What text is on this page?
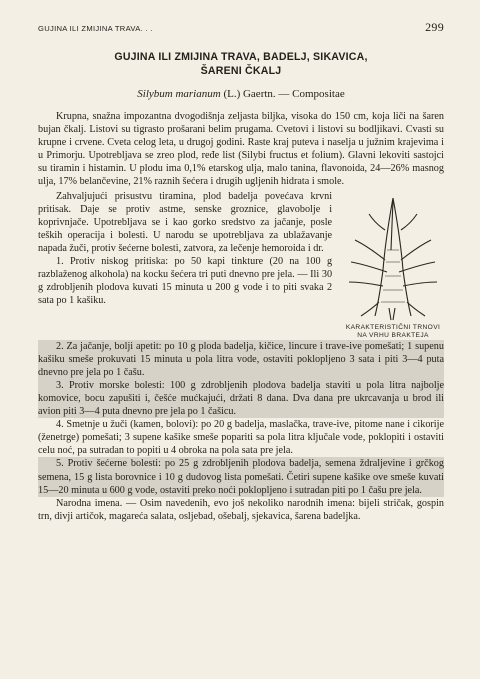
GUJINA ILI ZMIJINA TRAVA. . .	299
GUJINA ILI ZMIJINA TRAVA, BADELJ, SIKAVICA,
ŠARENI ČKALJ
Silybum marianum (L.) Gaertn. — Compositae

Krupna, snažna impozantna dvogodišnja zeljasta biljka, visoka do 150 cm, koja liči na šaren bujan čkalj. Listovi su tigrasto prošarani belim prugama. Cvetovi i listovi su bodljikavi. Cvasti su krupne i crvene. Cveta celog leta, u drugoj godini. Raste kraj puteva i naselja u južnim krajevima i u Primorju. Upotrebljava se zreo plod, ređe list (Silybi fructus et folium). Glavni lekoviti sastojci su tiramin i histamin. U plodu ima 0,1% etarskog ulja, malo tanina, flavonoida, 24—26% masnog ulja, 17% belančevine, 21% raznih šećera i drugih ugljenih hidrata i smole.

Zahvaljujući prisustvu tiramina, plod badelja povećava krvni pritisak. Daje se protiv astme, senske groznice, glavobolje i koprivnjače. Upotrebljava se i kao gorko sredstvo za jačanje, posle teških operacija i bolesti. U narodu se upotrebljava za ublažavanje napada žuči, protiv šećerne bolesti, zatvora, za lečenje hemoroida i dr.

1. Protiv niskog pritiska: po 50 kapi tinkture (20 na 100 g razblaženog alkohola) na kocku šećera tri puti dnevno pre jela. — Ili 30 g zdrobljenih plodova kuvati 15 minuta u 200 g vode i to piti svaka 2 sata po 1 kašiku.

KARAKTERISTIČNI TRNOVI NA VRHU BRAKTEJA

2. Za jačanje, bolji apetit: po 10 g ploda badelja, kičice, lincure i trave-ive pomešati; 1 supenu kašiku smeše prokuvati 15 minuta u pola litra vode, ostaviti poklopljeno 3 sata i piti 3—4 puta dnevno pre jela po 1 čašu.

3. Protiv morske bolesti: 100 g zdrobljenih plodova badelja staviti u pola litra najbolje komovice, bocu zapušiti i, češće mućkajući, držati 8 dana. Dva dana pre ukrcavanja u brod ili avion piti 3—4 puta dnevno pre jela po 1 čašicu.

4. Smetnje u žuči (kamen, bolovi): po 20 g badelja, maslačka, trave-ive, pitome nane i cikorije (ženetrge) pomešati; 3 supene kašike smeše popariti sa pola litra ključale vode, poklopiti i ostaviti celu noć, pa sutradan to popiti u 4 obroka na pola sata pre jela.

5. Protiv šećerne bolesti: po 25 g zdrobljenih plodova badelja, semena ždraljevine i grčkog semena, 15 g lista borovnice i 10 g dudovog lista pomešati. Četiri supene kašike ove smeše kuvati 15—20 minuta u 600 g vode, ostaviti preko noći poklopljeno i sutradan piti po 1 čašu pre jela.

Narodna imena. — Osim navedenih, evo još nekoliko narodnih imena: bijeli stričak, gospin trn, divji artičok, magareća salata, osljebad, ošebalj, sjekavica, šarena badeljka.
